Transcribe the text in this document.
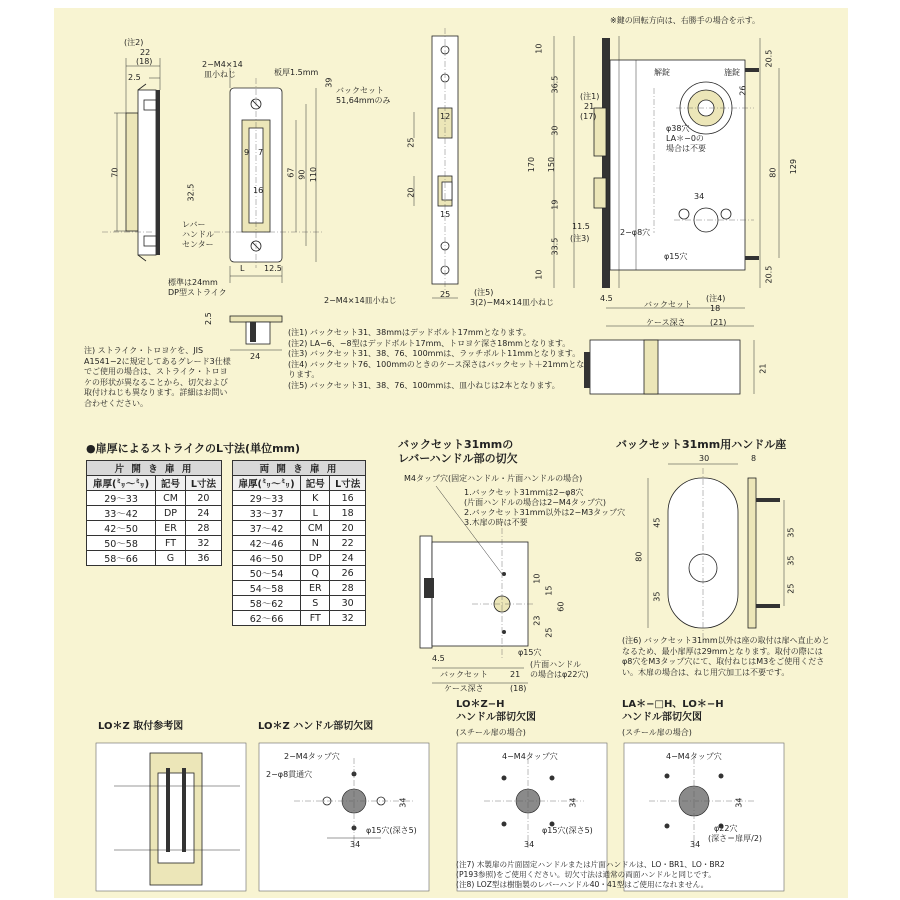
※鍵の回転方向は、右勝手の場合を示す。
(注2)
22
(18)
2.5
70
32.5
2−M4×14
皿小ねじ	板厚1.5mm
9 7
16
67 90 110
レバー
ハンドル
センター
L 12.5
標準は24mm
DP型ストライク
2.5
24
39
バックセット
51,64mmのみ
12
25
20
15
25
2−M4×14皿小ねじ
(注5)
3(2)−M4×14皿小ねじ
10
36.5
170 150
30
19
33.5
10
(注1)
21
(17)
解錠	施錠
26
φ38穴
LA＊−0の
場合は不要
20.5
80 129
20.5
34
2−φ8穴
11.5
(注3)
φ15穴
4.5
バックセット
(注4)
18
ケース深さ	(21)
21
注) ストライク・トロヨケを、JIS A1541−2に規定してあるグレード3仕様でご使用の場合は、ストライク・トロヨケの形状が異なることから、切欠および取付けねじも異なります。詳細はお問い合わせください。
(注1) バックセット31、38mmはデッドボルト17mmとなります。
(注2) LA−6、−8型はデッドボルト17mm、トロヨケ深さ18mmとなります。
(注3) バックセット31、38、76、100mmは、ラッチボルト11mmとなります。
(注4) バックセット76、100mmのときのケース深さはバックセット＋21mmとなります。
(注5) バックセット31、38、76、100mmは、皿小ねじは2本となります。
●扉厚によるストライクのL寸法(単位mm)
片 開 き 扉 用		
扉厚(㍉〜㍉)	記号	L寸法
29〜33	CM	20
33〜42	DP	24
42〜50	ER	28
50〜58	FT	32
58〜66	G	36
両 開 き 扉 用		
扉厚(㍉〜㍉)	記号	L寸法
29〜33	K	16
33〜37	L	18
37〜42	CM	20
42〜46	N	22
46〜50	DP	24
50〜54	Q	26
54〜58	ER	28
58〜62	S	30
62〜66	FT	32
バックセット31mmの
レバーハンドル部の切欠
M4タップ穴(固定ハンドル・片面ハンドルの場合)
1.バックセット31mmは2−φ8穴
(片面ハンドルの場合は2−M4タップ穴)
2.バックセット31mm以外は2−M3タップ穴
3.木扉の時は不要
10
15
60
23
25
4.5
φ15穴
バックセット	21
(片面ハンドル
の場合はφ22穴)
ケース深さ	(18)
バックセット31mm用ハンドル座
30	8
45
80
35
35
35
25
(注6) バックセット31mm以外は座の取付は扉へ直止めとなるため、最小扉厚は29mmとなります。取付の際にはφ8穴をM3タップ穴にて、取付ねじはM3をご使用ください。木扉の場合は、ねじ用穴加工は不要です。
LO＊Z 取付参考図	LO＊Z ハンドル部切欠図
LO＊Z−H
ハンドル部切欠図
(スチール扉の場合)
LA＊−□H、LO＊−H
ハンドル部切欠図
(スチール扉の場合)
2−M4タップ穴
2−φ8貫通穴
34
34
φ15穴(深さ5)
4−M4タップ穴
34
34
φ15穴(深さ5)
4−M4タップ穴
34
34
φ22穴
(深さ＝扉厚/2)
(注7) 木製扉の片面固定ハンドルまたは片面ハンドルは、LO・BR1、LO・BR2
(P193参照)をご使用ください。切欠寸法は通常の両面ハンドルと同じです。
(注8) LOZ型は樹脂製のレバーハンドル40・41型はご使用になれません。
